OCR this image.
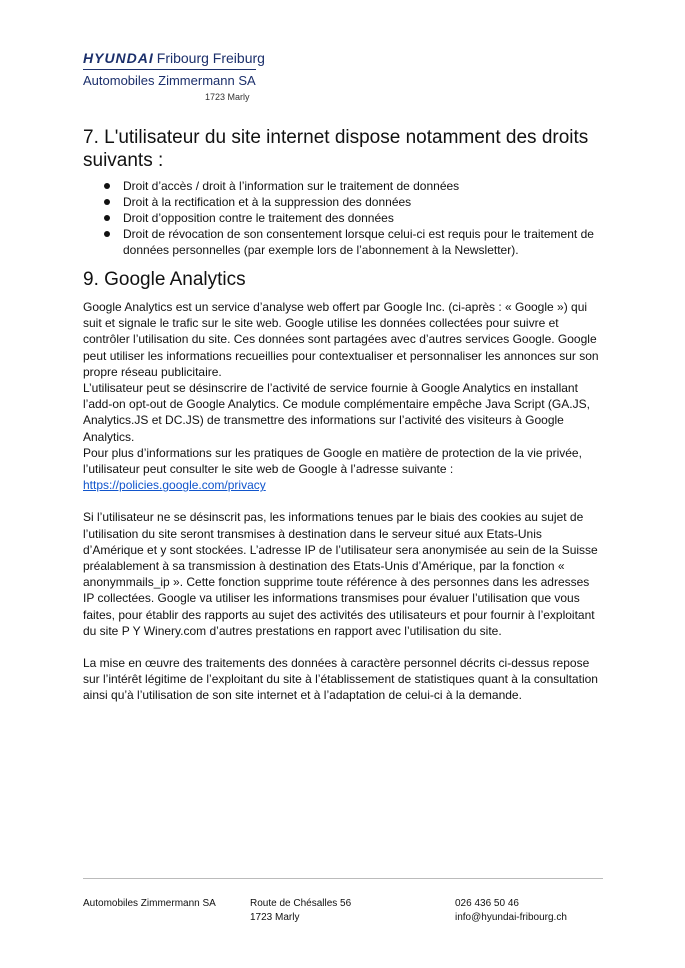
HYUNDAI Fribourg Freiburg
Automobiles Zimmermann SA
1723 Marly
7. L'utilisateur du site internet dispose notamment des droits suivants :
Droit d’accès / droit à l’information sur le traitement de données
Droit à la rectification et à la suppression des données
Droit d’opposition contre le traitement des données
Droit de révocation de son consentement lorsque celui-ci est requis pour le traitement de données personnelles (par exemple lors de l’abonnement à la Newsletter).
9. Google Analytics

Google Analytics est un service d’analyse web offert par Google Inc. (ci-après : « Google ») qui suit et signale le trafic sur le site web. Google utilise les données collectées pour suivre et contrôler l’utilisation du site. Ces données sont partagées avec d’autres services Google. Google peut utiliser les informations recueillies pour contextualiser et personnaliser les annonces sur son propre réseau publicitaire.

L’utilisateur peut se désinscrire de l’activité de service fournie à Google Analytics en installant l’add-on opt-out de Google Analytics. Ce module complémentaire empêche Java Script (GA.JS, Analytics.JS et DC.JS) de transmettre des informations sur l’activité des visiteurs à Google Analytics.

Pour plus d’informations sur les pratiques de Google en matière de protection de la vie privée, l’utilisateur peut consulter le site web de Google à l’adresse suivante :
https://policies.google.com/privacy

Si l’utilisateur ne se désinscrit pas, les informations tenues par le biais des cookies au sujet de l’utilisation du site seront transmises à destination dans le serveur situé aux Etats-Unis d’Amérique et y sont stockées. L’adresse IP de l’utilisateur sera anonymisée au sein de la Suisse préalablement à sa transmission à destination des Etats-Unis d’Amérique, par la fonction « anonymmails_ip ». Cette fonction supprime toute référence à des personnes dans les adresses IP collectées. Google va utiliser les informations transmises pour évaluer l’utilisation que vous faites, pour établir des rapports au sujet des activités des utilisateurs et pour fournir à l’exploitant du site P Y Winery.com d’autres prestations en rapport avec l’utilisation du site.

La mise en œuvre des traitements des données à caractère personnel décrits ci-dessus repose sur l’intérêt légitime de l’exploitant du site à l’établissement de statistiques quant à la consultation ainsi qu’à l’utilisation de son site internet et à l’adaptation de celui-ci à la demande.

Automobiles Zimmermann SA	Route de Chésalles 56
1723 Marly
026 436 50 46
info@hyundai-fribourg.ch
